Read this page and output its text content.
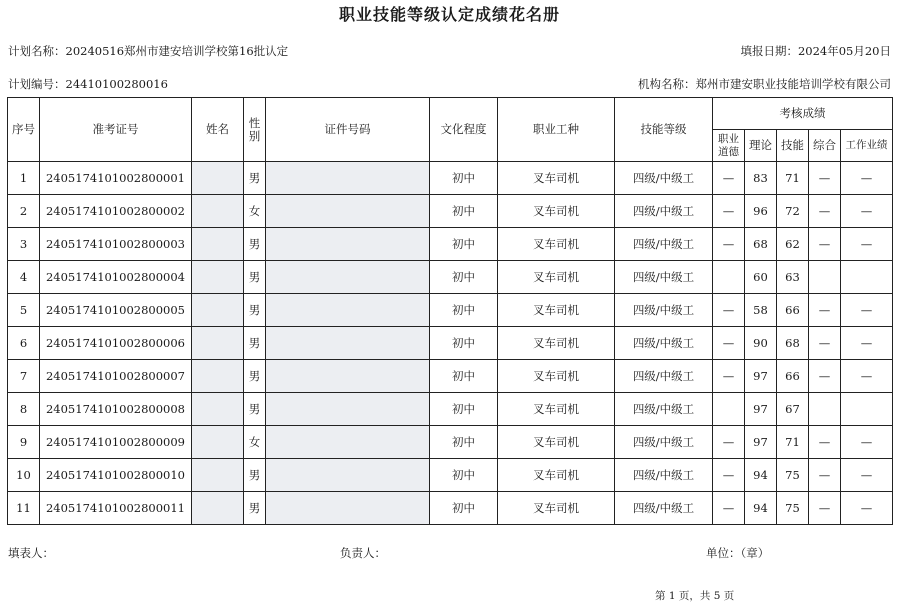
职业技能等级认定成绩花名册
计划名称：20240516郑州市建安培训学校第16批认定	填报日期：2024年05月20日
计划编号：24410100280016	机构名称：郑州市建安职业技能培训学校有限公司
序号	准考证号	姓名	性别	证件号码	文化程度	职业工种	技能等级	考核成绩				
								职业道德	理论	技能	综合	工作业绩
1	2405174101002800001		男		初中	叉车司机	四级/中级工	—	83	71	—	—
2	2405174101002800002		女		初中	叉车司机	四级/中级工	—	96	72	—	—
3	2405174101002800003		男		初中	叉车司机	四级/中级工	—	68	62	—	—
4	2405174101002800004		男		初中	叉车司机	四级/中级工		60	63		
5	2405174101002800005		男		初中	叉车司机	四级/中级工	—	58	66	—	—
6	2405174101002800006		男		初中	叉车司机	四级/中级工	—	90	68	—	—
7	2405174101002800007		男		初中	叉车司机	四级/中级工	—	97	66	—	—
8	2405174101002800008		男		初中	叉车司机	四级/中级工		97	67		
9	2405174101002800009		女		初中	叉车司机	四级/中级工	—	97	71	—	—
10	2405174101002800010		男		初中	叉车司机	四级/中级工	—	94	75	—	—
11	2405174101002800011		男		初中	叉车司机	四级/中级工	—	94	75	—	—
填表人：	负责人：	单位：（章）
第 1 页，共 5 页
